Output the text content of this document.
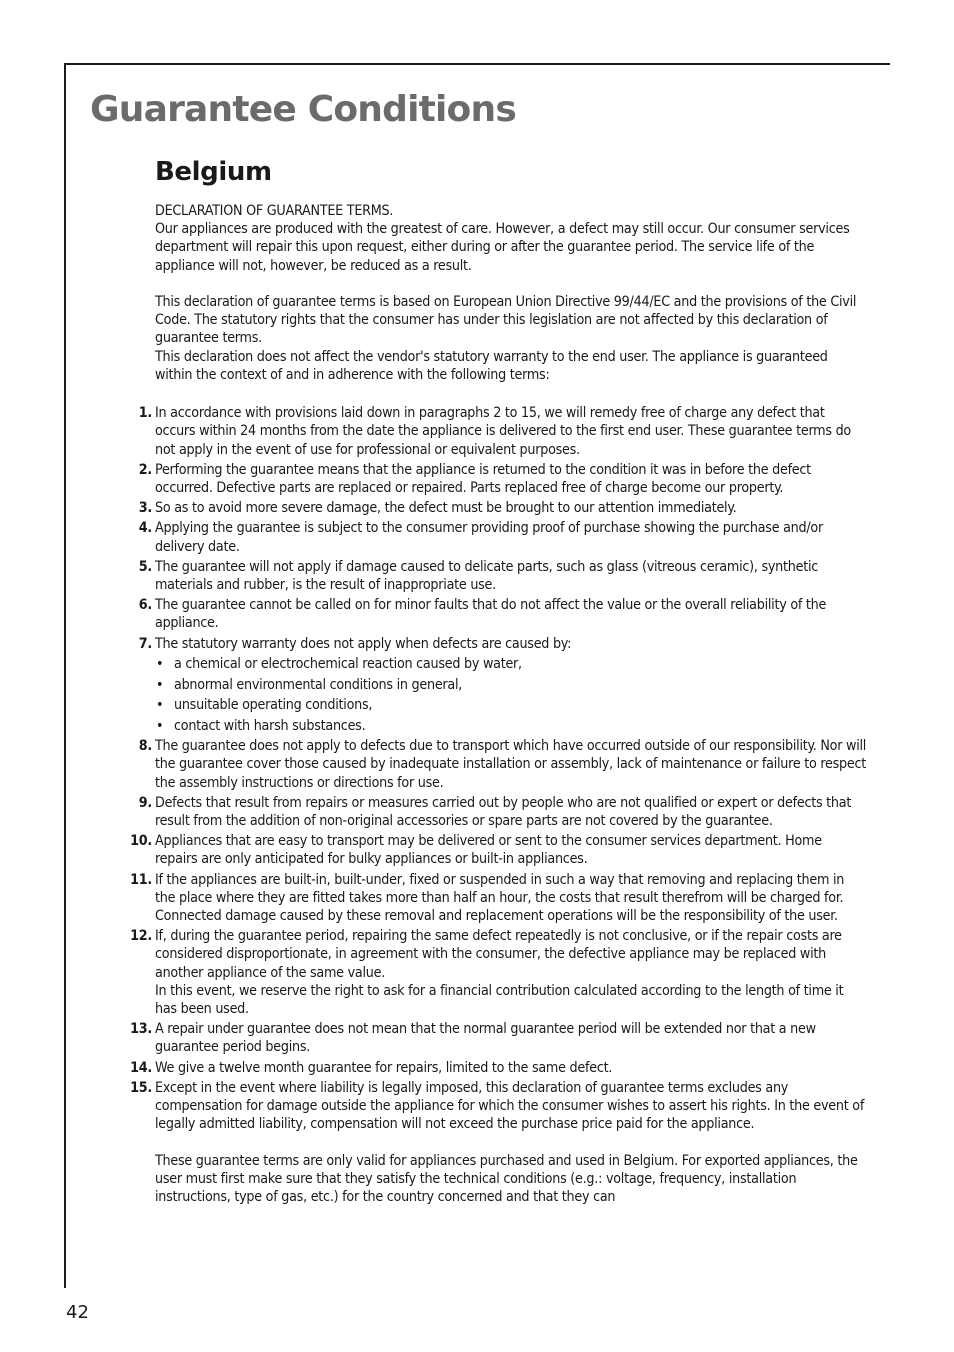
Guarantee Conditions
Belgium

DECLARATION OF GUARANTEE TERMS.

Our appliances are produced with the greatest of care. However, a defect may still occur. Our consumer services department will repair this upon request, either during or after the guarantee period. The service life of the appliance will not, however, be reduced as a result.

This declaration of guarantee terms is based on European Union Directive 99/44/EC and the provisions of the Civil Code. The statutory rights that the consumer has under this legislation are not affected by this declaration of guarantee terms.

This declaration does not affect the vendor's statutory warranty to the end user. The appliance is guaranteed within the context of and in adherence with the following terms:

1. In accordance with provisions laid down in paragraphs 2 to 15, we will remedy free of charge any defect that occurs within 24 months from the date the appliance is delivered to the first end user. These guarantee terms do not apply in the event of use for professional or equivalent purposes.
2. Performing the guarantee means that the appliance is returned to the condition it was in before the defect occurred. Defective parts are replaced or repaired. Parts replaced free of charge become our property.
3. So as to avoid more severe damage, the defect must be brought to our attention immediately.
4. Applying the guarantee is subject to the consumer providing proof of purchase showing the purchase and/or delivery date.
5. The guarantee will not apply if damage caused to delicate parts, such as glass (vitreous ceramic), synthetic materials and rubber, is the result of inappropriate use.
6. The guarantee cannot be called on for minor faults that do not affect the value or the overall reliability of the appliance.
7. The statutory warranty does not apply when defects are caused by:
• a chemical or electrochemical reaction caused by water,
• abnormal environmental conditions in general,
• unsuitable operating conditions,
• contact with harsh substances.
8. The guarantee does not apply to defects due to transport which have occurred outside of our responsibility. Nor will the guarantee cover those caused by inadequate installation or assembly, lack of maintenance or failure to respect the assembly instructions or directions for use.
9. Defects that result from repairs or measures carried out by people who are not qualified or expert or defects that result from the addition of non-original accessories or spare parts are not covered by the guarantee.
10. Appliances that are easy to transport may be delivered or sent to the consumer services department. Home repairs are only anticipated for bulky appliances or built-in appliances.
11. If the appliances are built-in, built-under, fixed or suspended in such a way that removing and replacing them in the place where they are fitted takes more than half an hour, the costs that result therefrom will be charged for. Connected damage caused by these removal and replacement operations will be the responsibility of the user.
12. If, during the guarantee period, repairing the same defect repeatedly is not conclusive, or if the repair costs are considered disproportionate, in agreement with the consumer, the defective appliance may be replaced with another appliance of the same value.

In this event, we reserve the right to ask for a financial contribution calculated according to the length of time it has been used.

13. A repair under guarantee does not mean that the normal guarantee period will be extended nor that a new guarantee period begins.
14. We give a twelve month guarantee for repairs, limited to the same defect.
15. Except in the event where liability is legally imposed, this declaration of guarantee terms excludes any compensation for damage outside the appliance for which the consumer wishes to assert his rights. In the event of legally admitted liability, compensation will not exceed the purchase price paid for the appliance.

These guarantee terms are only valid for appliances purchased and used in Belgium. For exported appliances, the user must first make sure that they satisfy the technical conditions (e.g.: voltage, frequency, installation instructions, type of gas, etc.) for the country concerned and that they can

42
